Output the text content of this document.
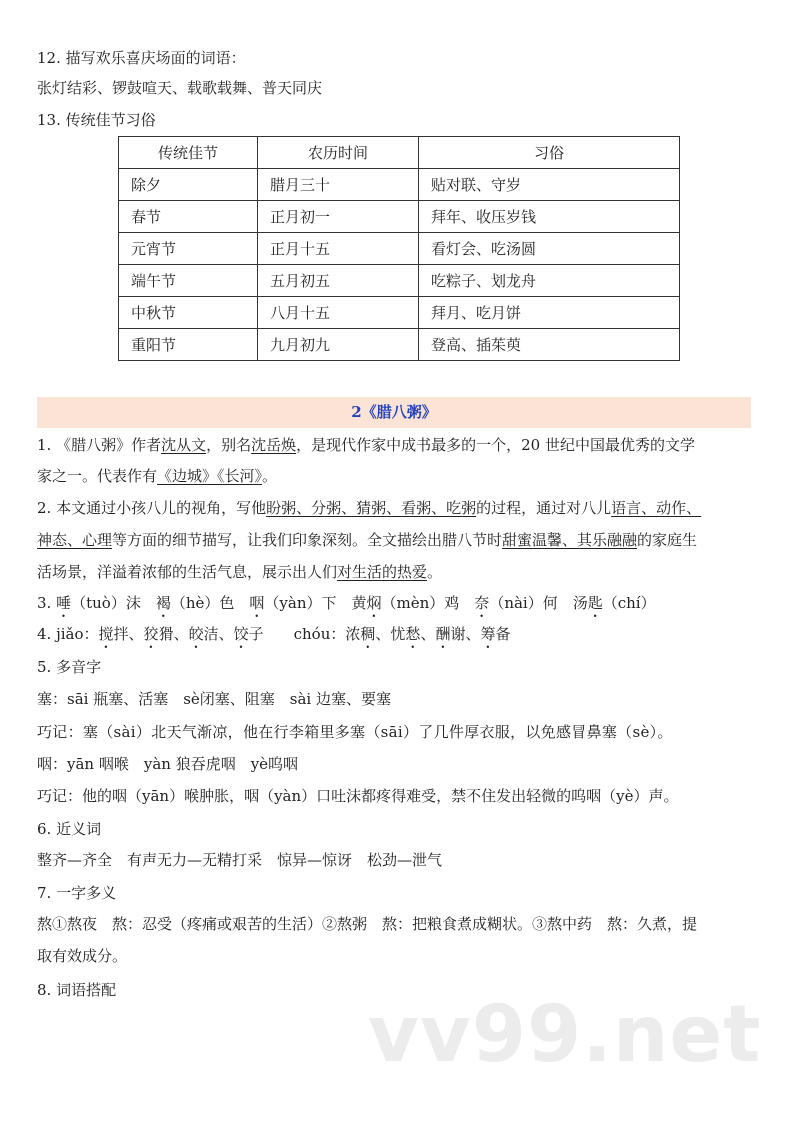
12. 描写欢乐喜庆场面的词语：
张灯结彩、锣鼓喧天、载歌载舞、普天同庆
13. 传统佳节习俗
传统佳节	农历时间	习俗
除夕	腊月三十	贴对联、守岁
春节	正月初一	拜年、收压岁钱
元宵节	正月十五	看灯会、吃汤圆
端午节	五月初五	吃粽子、划龙舟
中秋节	八月十五	拜月、吃月饼
重阳节	九月初九	登高、插茱萸
2《腊八粥》
1. 《腊八粥》作者沈从文，别名沈岳焕，是现代作家中成书最多的一个，20 世纪中国最优秀的文学
家之一。代表作有《边城》《长河》。
2. 本文通过小孩八儿的视角，写他盼粥、分粥、猜粥、看粥、吃粥的过程，通过对八儿语言、动作、
神态、心理等方面的细节描写，让我们印象深刻。全文描绘出腊八节时甜蜜温馨、其乐融融的家庭生
活场景，洋溢着浓郁的生活气息，展示出人们对生活的热爱。
3. 唾（tuò）沫　褐（hè）色　咽（yàn）下　黄焖（mèn）鸡　奈（nài）何　汤匙（chí）
4. jiǎo：搅拌、狡猾、皎洁、饺子　　chóu：浓稠、忧愁、酬谢、筹备
5. 多音字
塞：sāi 瓶塞、活塞　sè闭塞、阻塞　sài 边塞、要塞
巧记：塞（sài）北天气渐凉，他在行李箱里多塞（sāi）了几件厚衣服，以免感冒鼻塞（sè）。
咽：yān 咽喉　yàn 狼吞虎咽　yè呜咽
巧记：他的咽（yān）喉肿胀，咽（yàn）口吐沫都疼得难受，禁不住发出轻微的呜咽（yè）声。
6. 近义词
整齐—齐全　有声无力—无精打采　惊异—惊讶　松劲—泄气
7. 一字多义
熬①熬夜　熬：忍受（疼痛或艰苦的生活）②熬粥　熬：把粮食煮成糊状。③熬中药　熬：久煮，提
取有效成分。
8. 词语搭配	vv99.net
